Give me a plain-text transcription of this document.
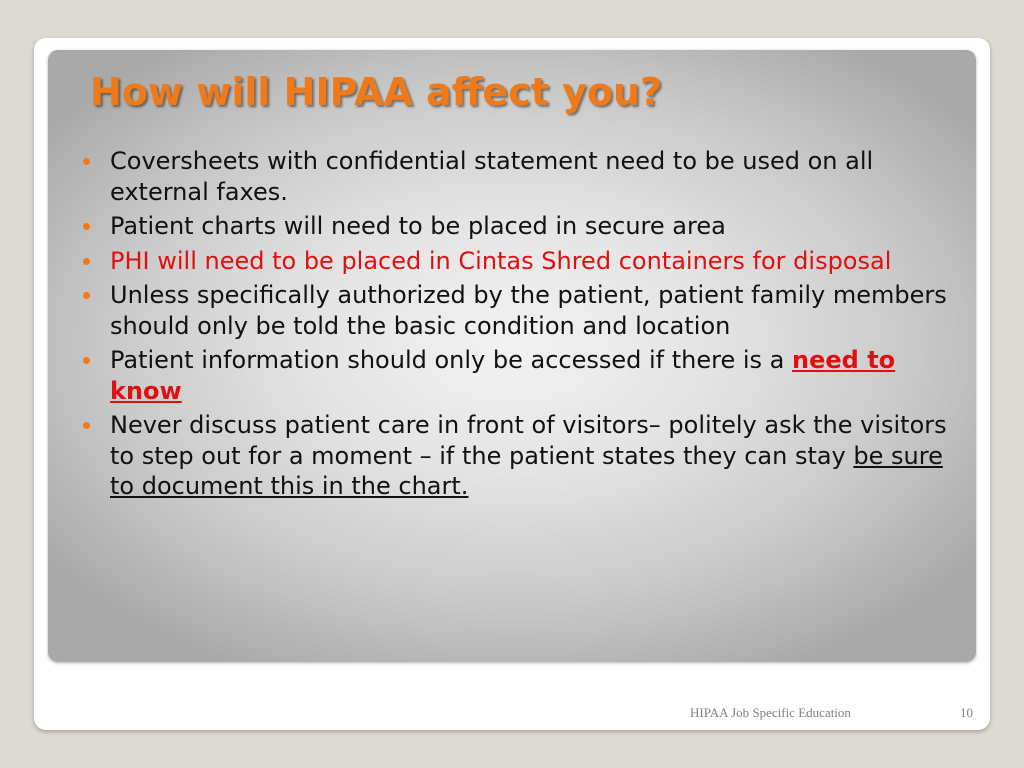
How will HIPAA affect you?
Coversheets with confidential statement need to be used on all external faxes.
Patient charts will need to be placed in secure area
PHI will need to be placed in Cintas Shred containers for disposal
Unless specifically authorized by the patient, patient family members should only be told the basic condition and location
Patient information should only be accessed if there is a need to know
Never discuss patient care in front of visitors– politely ask the visitors to step out for a moment – if the patient states they can stay be sure to document this in the chart.
HIPAA Job Specific Education	10
